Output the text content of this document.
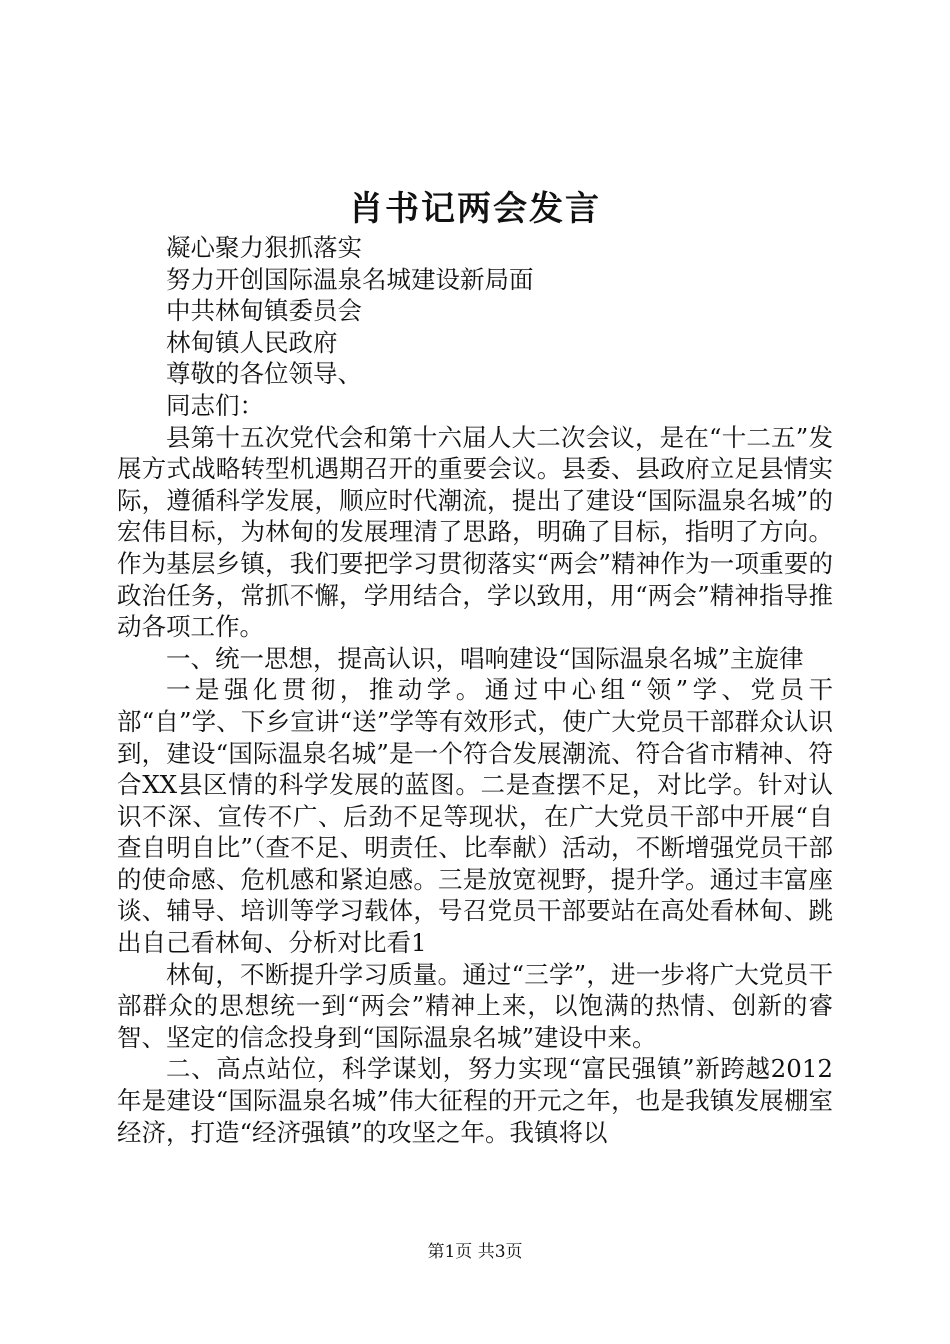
肖书记两会发言

凝心聚力狠抓落实

努力开创国际温泉名城建设新局面

中共林甸镇委员会

林甸镇人民政府

尊敬的各位领导、

同志们：

县第十五次党代会和第十六届人大二次会议，是在“十二五”发展方式战略转型机遇期召开的重要会议。县委、县政府立足县情实际，遵循科学发展，顺应时代潮流，提出了建设“国际温泉名城”的宏伟目标，为林甸的发展理清了思路，明确了目标，指明了方向。作为基层乡镇，我们要把学习贯彻落实“两会”精神作为一项重要的政治任务，常抓不懈，学用结合，学以致用，用“两会”精神指导推动各项工作。

一、统一思想，提高认识，唱响建设“国际温泉名城”主旋律

一是强化贯彻，推动学。通过中心组“领”学、党员干部“自”学、下乡宣讲“送”学等有效形式，使广大党员干部群众认识到，建设“国际温泉名城”是一个符合发展潮流、符合省市精神、符合XX县区情的科学发展的蓝图。二是查摆不足，对比学。针对认识不深、宣传不广、后劲不足等现状，在广大党员干部中开展“自查自明自比”（查不足、明责任、比奉献）活动，不断增强党员干部的使命感、危机感和紧迫感。三是放宽视野，提升学。通过丰富座谈、辅导、培训等学习载体，号召党员干部要站在高处看林甸、跳出自己看林甸、分析对比看1

林甸，不断提升学习质量。通过“三学”，进一步将广大党员干部群众的思想统一到“两会”精神上来，以饱满的热情、创新的睿智、坚定的信念投身到“国际温泉名城”建设中来。

二、高点站位，科学谋划，努力实现“富民强镇”新跨越2012年是建设“国际温泉名城”伟大征程的开元之年，也是我镇发展棚室经济，打造“经济强镇”的攻坚之年。我镇将以

第1页 共3页
